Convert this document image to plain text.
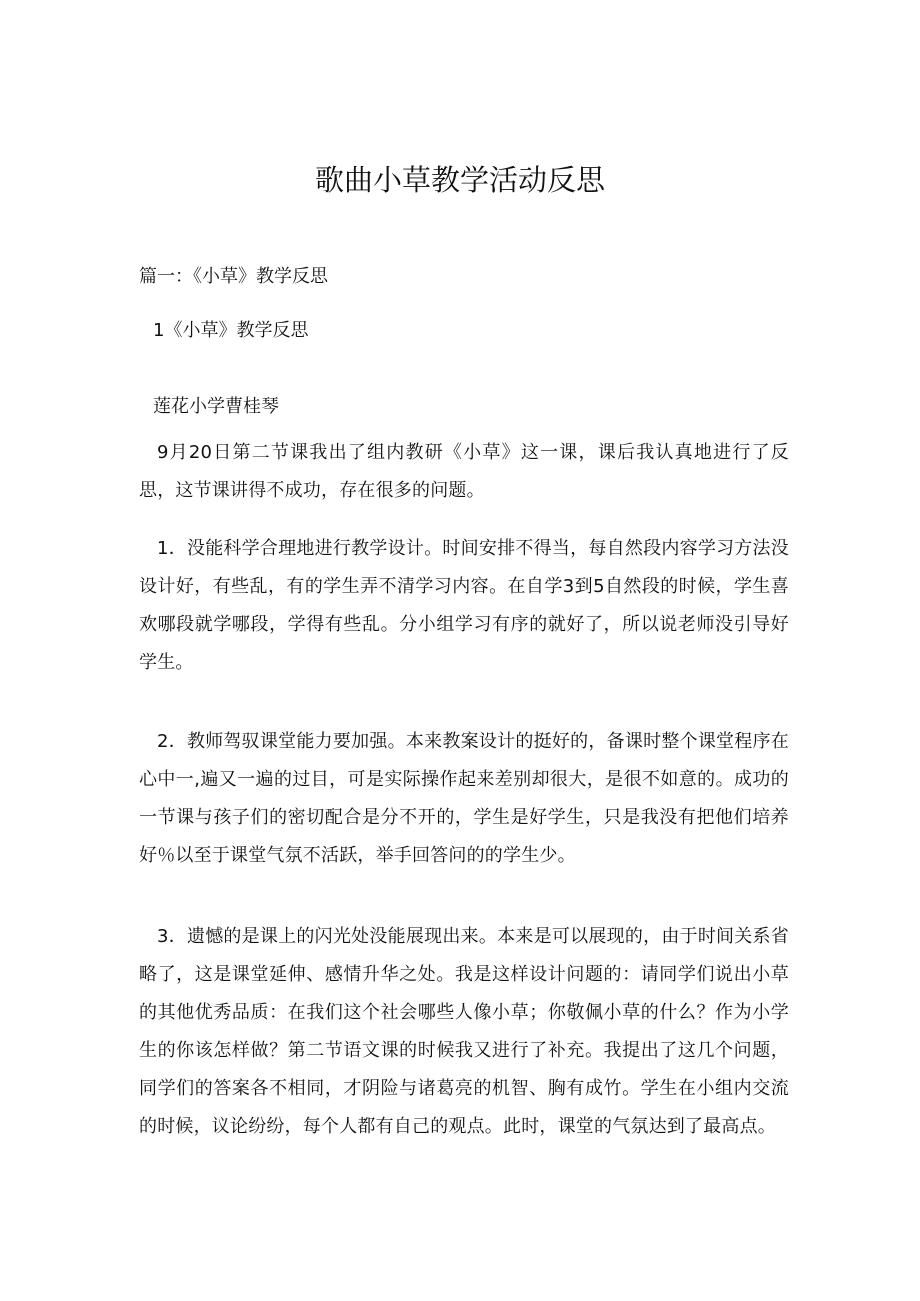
歌曲小草教学活动反思

篇一：《小草》教学反思

1《小草》教学反思

莲花小学曹桂琴

9月20日第二节课我出了组内教研《小草》这一课，课后我认真地进行了反思，这节课讲得不成功，存在很多的问题。

1．没能科学合理地进行教学设计。时间安排不得当，每自然段内容学习方法没设计好，有些乱，有的学生弄不清学习内容。在自学3到5自然段的时候，学生喜欢哪段就学哪段，学得有些乱。分小组学习有序的就好了，所以说老师没引导好学生。

2．教师驾驭课堂能力要加强。本来教案设计的挺好的，备课时整个课堂程序在心中一,遍又一遍的过目，可是实际操作起来差别却很大，是很不如意的。成功的一节课与孩子们的密切配合是分不开的，学生是好学生，只是我没有把他们培养好％以至于课堂气氛不活跃，举手回答问的的学生少。

3．遗憾的是课上的闪光处没能展现出来。本来是可以展现的，由于时间关系省略了，这是课堂延伸、感情升华之处。我是这样设计问题的：请同学们说出小草的其他优秀品质：在我们这个社会哪些人像小草；你敬佩小草的什么？作为小学生的你该怎样做？第二节语文课的时候我又进行了补充。我提出了这几个问题，同学们的答案各不相同，才阴险与诸葛亮的机智、胸有成竹。学生在小组内交流的时候，议论纷纷，每个人都有自己的观点。此时，课堂的气氛达到了最高点。
